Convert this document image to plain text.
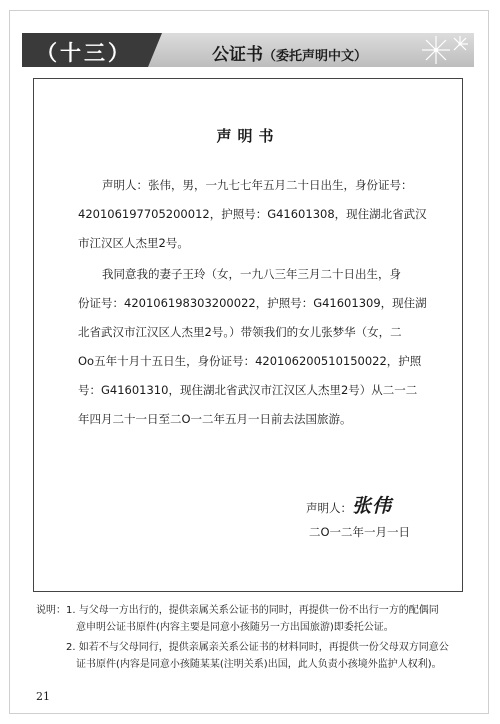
（十三）	公证书（委托声明中文）
声明书
声明人：张伟，男，一九七七年五月二十日出生，身份证号：
420106197705200012，护照号：G41601308，现住湖北省武汉
市江汉区人杰里2号。
我同意我的妻子王玲（女，一九八三年三月二十日出生，身
份证号：420106198303200022，护照号：G41601309，现住湖
北省武汉市江汉区人杰里2号。）带领我们的女儿张梦华（女，二
Oo五年十月十五日生，身份证号：420106200510150022，护照
号：G41601310，现住湖北省武汉市江汉区人杰里2号）从二一二
年四月二十一日至二O一二年五月一日前去法国旅游。
声明人：张伟
二O一二年一月一日
说明： 1. 与父母一方出行的，提供亲属关系公证书的同时，再提供一份不出行一方的配偶同
意申明公证书原件(内容主要是同意小孩随另一方出国旅游)即委托公证。
2. 如若不与父母同行，提供亲属亲关系公证书的材料同时，再提供一份父母双方同意公
证书原件(内容是同意小孩随某某(注明关系)出国，此人负责小孩境外监护人权利)。
21
